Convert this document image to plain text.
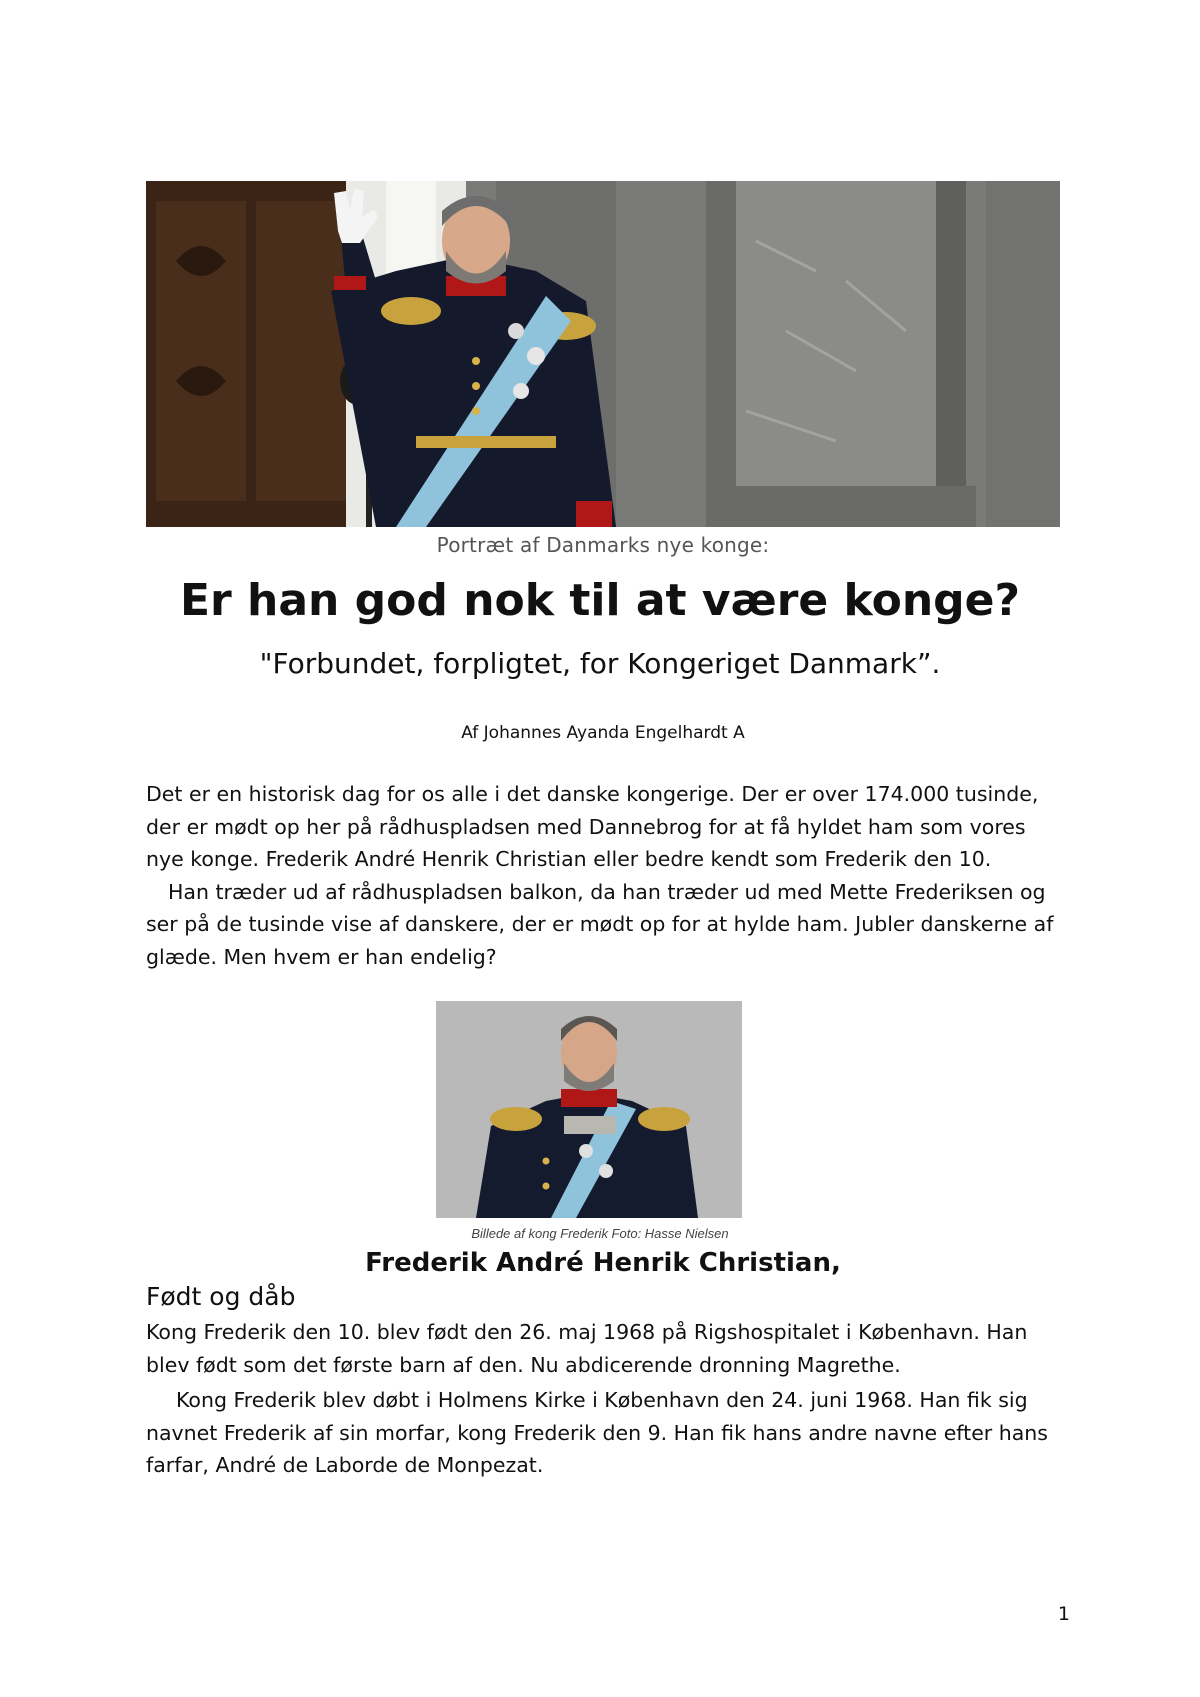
Portræt af Danmarks nye konge:
Er han god nok til at være konge?
"Forbundet, forpligtet, for Kongeriget Danmark”.
Af Johannes Ayanda Engelhardt A

Det er en historisk dag for os alle i det danske kongerige. Der er over 174.000 tusinde, der er mødt op her på rådhuspladsen med Dannebrog for at få hyldet ham som vores nye konge. Frederik André Henrik Christian eller bedre kendt som Frederik den 10.

Han træder ud af rådhuspladsen balkon, da han træder ud med Mette Frederiksen og ser på de tusinde vise af danskere, der er mødt op for at hylde ham. Jubler danskerne af glæde. Men hvem er han endelig?

Billede af kong Frederik Foto: Hasse Nielsen
Frederik André Henrik Christian,
Født og dåb

Kong Frederik den 10. blev født den 26. maj 1968 på Rigshospitalet i København. Han blev født som det første barn af den. Nu abdicerende dronning Magrethe.

Kong Frederik blev døbt i Holmens Kirke i København den 24. juni 1968. Han fik sig navnet Frederik af sin morfar, kong Frederik den 9. Han fik hans andre navne efter hans farfar, André de Laborde de Monpezat.

1
